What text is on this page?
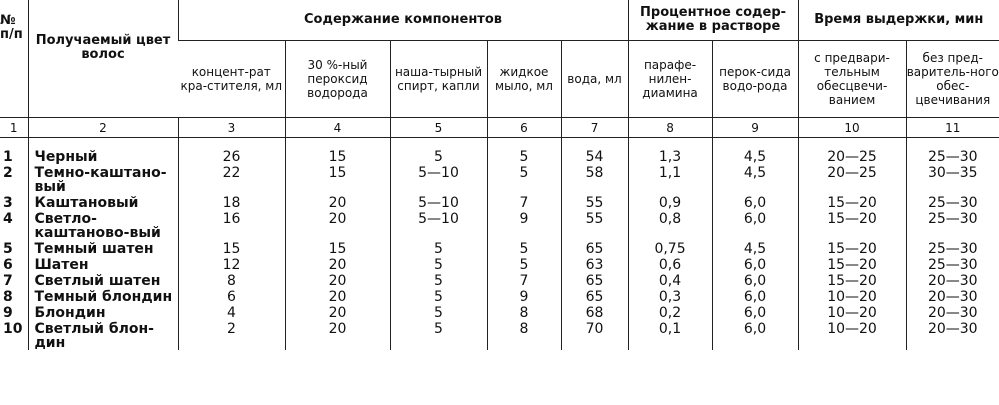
№ п/п	Получаемый цвет волос	Содержание компонентов					Процентное содер-жание в растворе		Время выдержки, мин	
		концент-рат кра-стителя, мл	30 %-ный пероксид водорода	наша-тырный спирт, капли	жидкое мыло, мл	вода, мл	парафе-нилен-диамина	перок-сида водо-рода	с предвари-тельным обесцвечи-ванием	без пред-варитель-ного обес-цвечивания
1	2	3	4	5	6	7	8	9	10	11

1	Черный	26	15	5	5	54	1,3	4,5	20—25	25—30
2	Темно-каштано-вый	22	15	5—10	5	58	1,1	4,5	20—25	30—35
3	Каштановый	18	20	5—10	7	55	0,9	6,0	15—20	25—30
4	Светло-каштаново-вый	16	20	5—10	9	55	0,8	6,0	15—20	25—30
5	Темный шатен	15	15	5	5	65	0,75	4,5	15—20	25—30
6	Шатен	12	20	5	5	63	0,6	6,0	15—20	25—30
7	Светлый шатен	8	20	5	7	65	0,4	6,0	15—20	20—30
8	Темный блондин	6	20	5	9	65	0,3	6,0	10—20	20—30
9	Блондин	4	20	5	8	68	0,2	6,0	10—20	20—30
10	Светлый блон-дин	2	20	5	8	70	0,1	6,0	10—20	20—30
